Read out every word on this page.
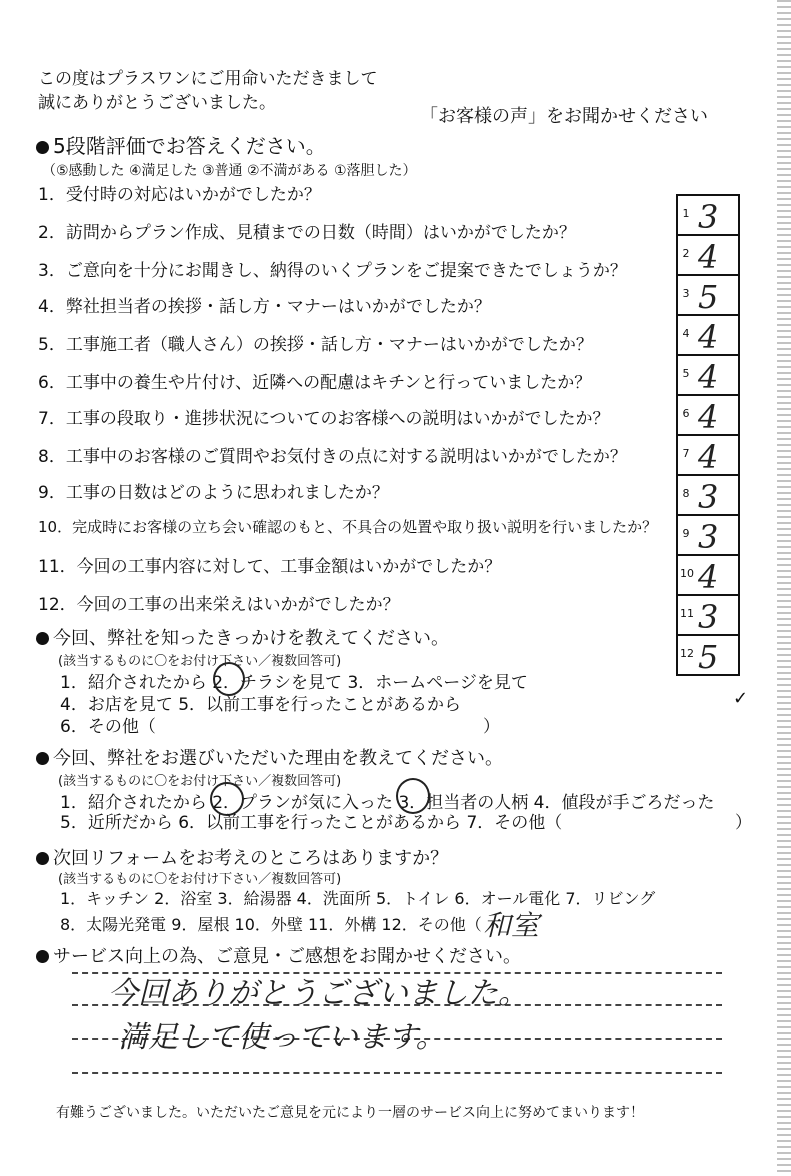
この度はプラスワンにご用命いただきまして
誠にありがとうございました。
「お客様の声」をお聞かせください
5段階評価でお答えください。
（⑤感動した ④満足した ③普通 ②不満がある ①落胆した）
1．受付時の対応はいかがでしたか？
2．訪問からプラン作成、見積までの日数（時間）はいかがでしたか？
3．ご意向を十分にお聞きし、納得のいくプランをご提案できたでしょうか？
4．弊社担当者の挨拶・話し方・マナーはいかがでしたか？
5．工事施工者（職人さん）の挨拶・話し方・マナーはいかがでしたか？
6．工事中の養生や片付け、近隣への配慮はキチンと行っていましたか？
7．工事の段取り・進捗状況についてのお客様への説明はいかがでしたか？
8．工事中のお客様のご質問やお気付きの点に対する説明はいかがでしたか？
9．工事の日数はどのように思われましたか？
10．完成時にお客様の立ち会い確認のもと、不具合の処置や取り扱い説明を行いましたか？
11．今回の工事内容に対して、工事金額はいかがでしたか？
12．今回の工事の出来栄えはいかがでしたか？
1 3
2 4
3 5
4 4
5 4
6 4
7 4
8 3
9 3
10 4
11 3
12 5
今回、弊社を知ったきっかけを教えてください。
(該当するものに〇をお付け下さい／複数回答可)
1．紹介されたから 2．チラシを見て 3．ホームページを見て
4．お店を見て 5．以前工事を行ったことがあるから
6．その他（	）
✓
今回、弊社をお選びいただいた理由を教えてください。
(該当するものに〇をお付け下さい／複数回答可)
1．紹介されたから 2．プランが気に入った 3．担当者の人柄 4．値段が手ごろだった
5．近所だから 6．以前工事を行ったことがあるから 7．その他（	）
次回リフォームをお考えのところはありますか？
(該当するものに〇をお付け下さい／複数回答可)
1．キッチン 2．浴室 3．給湯器 4．洗面所 5．トイレ 6．オール電化 7．リビング
8．太陽光発電 9．屋根 10．外壁 11．外構 12．その他（ 和室
サービス向上の為、ご意見・ご感想をお聞かせください。
今回ありがとうございました。
満足して使っています。
有難うございました。いただいたご意見を元により一層のサービス向上に努めてまいります！
